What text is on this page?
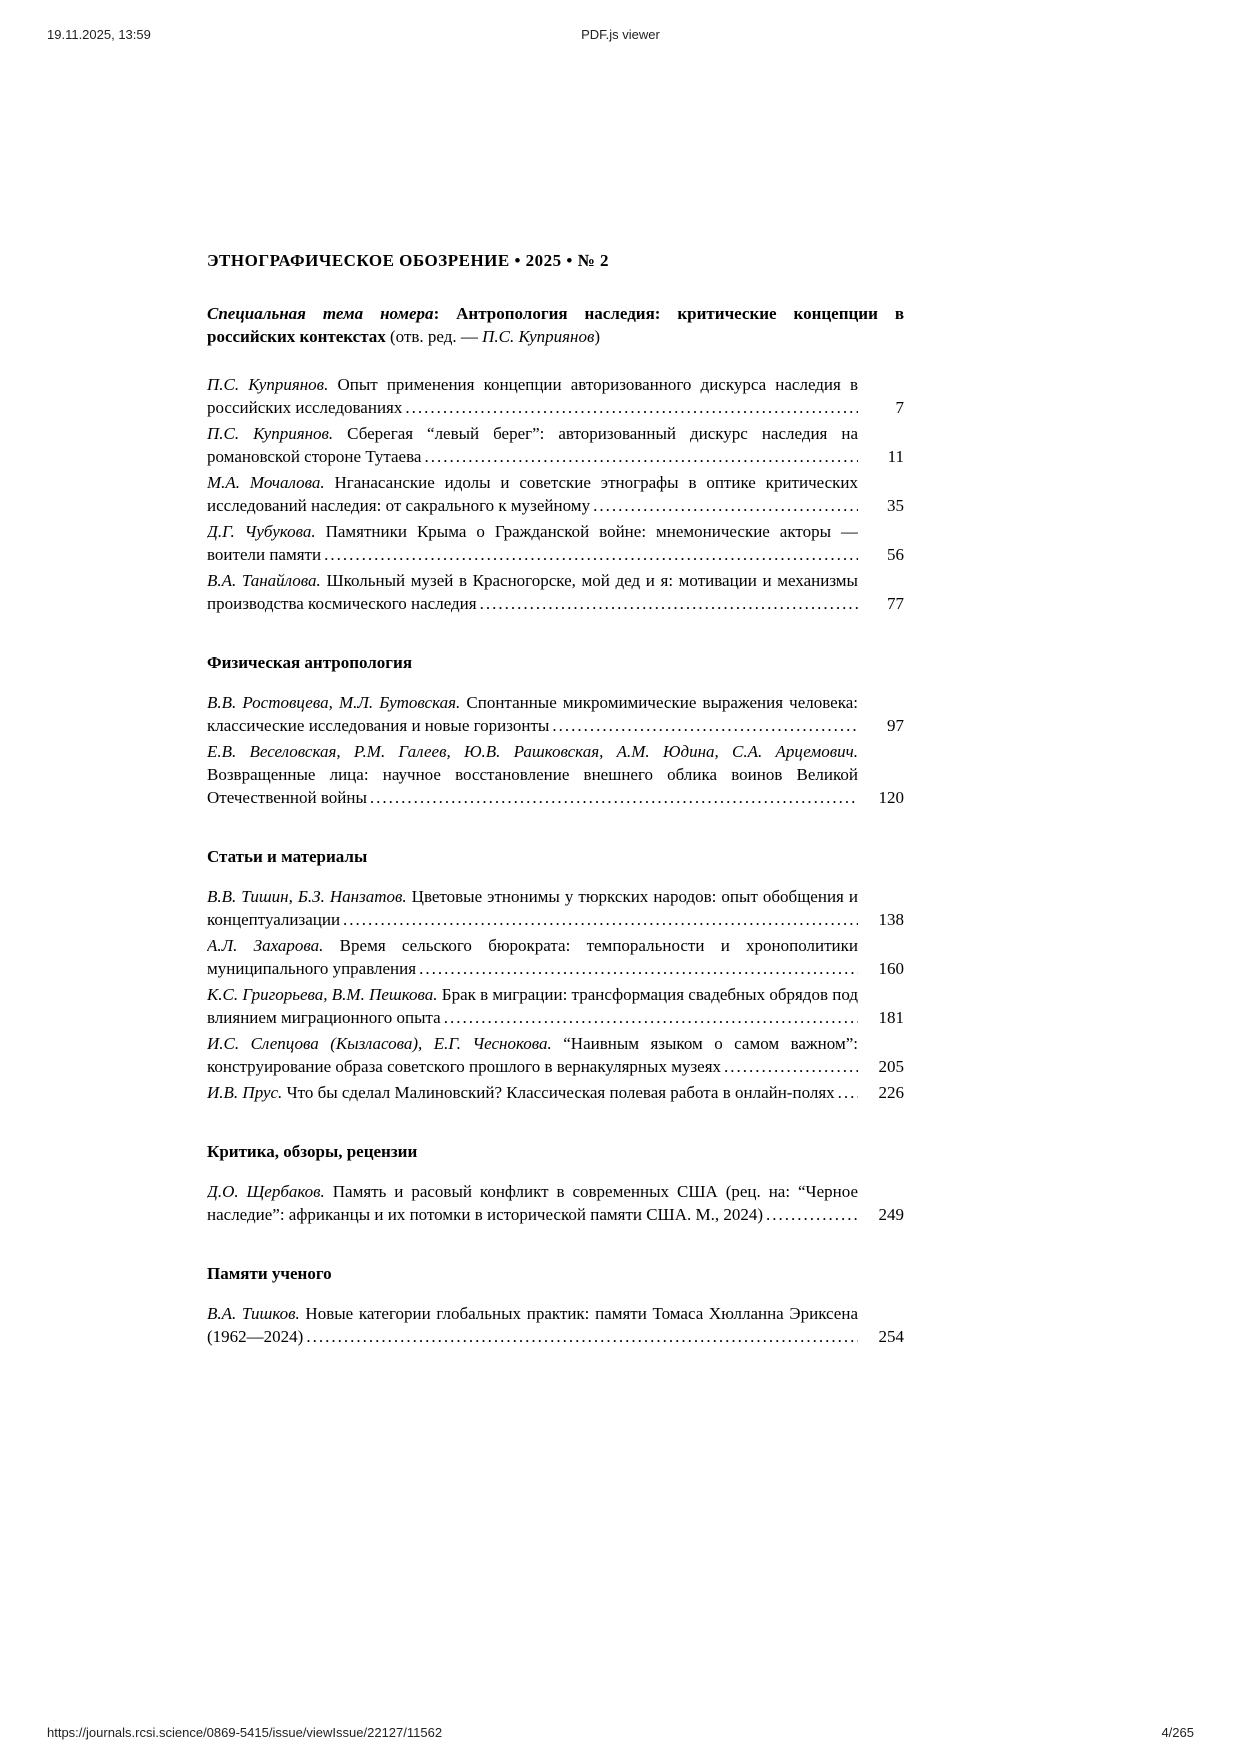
19.11.2025, 13:59	PDF.js viewer
ЭТНОГРАФИЧЕСКОЕ ОБОЗРЕНИЕ • 2025 • № 2

Специальная тема номера: Антропология наследия: критические концепции в российских контекстах (отв. ред. — П.С. Куприянов)

П.С. Куприянов. Опыт применения концепции авторизованного дискурса наследия в российских исследованиях .....	7

П.С. Куприянов. Сберегая “левый берег”: авторизованный дискурс наследия на романовской стороне Тутаева .....	11

М.А. Мочалова. Нганасанские идолы и советские этнографы в оптике критических исследований наследия: от сакрального к музейному .....	35

Д.Г. Чубукова. Памятники Крыма о Гражданской войне: мнемонические акторы — воители памяти .....	56

В.А. Танайлова. Школьный музей в Красногорске, мой дед и я: мотивации и механизмы производства космического наследия .....	77
Физическая антропология

В.В. Ростовцева, М.Л. Бутовская. Спонтанные микромимические выражения человека: классические исследования и новые горизонты .....	97

Е.В. Веселовская, Р.М. Галеев, Ю.В. Рашковская, А.М. Юдина, С.А. Арцемович. Возвращенные лица: научное восстановление внешнего облика воинов Великой Отечественной войны .....	120
Статьи и материалы

В.В. Тишин, Б.З. Нанзатов. Цветовые этнонимы у тюркских народов: опыт обобщения и концептуализации .....	138

А.Л. Захарова. Время сельского бюрократа: темпоральности и хронополитики муниципального управления .....	160

К.С. Григорьева, В.М. Пешкова. Брак в миграции: трансформация свадебных обрядов под влиянием миграционного опыта .....	181

И.С. Слепцова (Кызласова), Е.Г. Чеснокова. “Наивным языком о самом важном”: конструирование образа советского прошлого в вернакулярных музеях .....	205

И.В. Прус. Что бы сделал Малиновский? Классическая полевая работа в онлайн-полях .....	226
Критика, обзоры, рецензии

Д.О. Щербаков. Память и расовый конфликт в современных США (рец. на: “Черное наследие”: африканцы и их потомки в исторической памяти США. М., 2024) .....	249
Памяти ученого

В.А. Тишков. Новые категории глобальных практик: памяти Томаса Хюлланна Эриксена (1962—2024) .....	254
https://journals.rcsi.science/0869-5415/issue/viewIssue/22127/11562	4/265
